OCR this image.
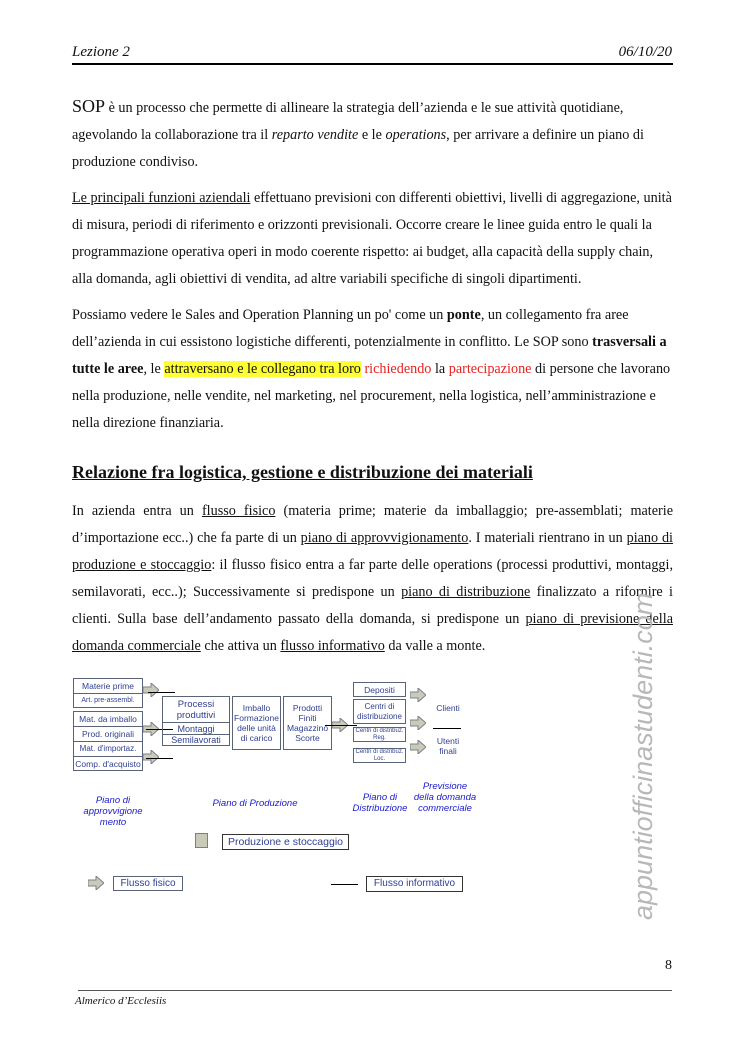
Lezione 2	06/10/20

SOP è un processo che permette di allineare la strategia dell’azienda e le sue attività quotidiane, agevolando la collaborazione tra il reparto vendite e le operations, per arrivare a definire un piano di produzione condiviso.

Le principali funzioni aziendali effettuano previsioni con differenti obiettivi, livelli di aggregazione, unità di misura, periodi di riferimento e orizzonti previsionali. Occorre creare le linee guida entro le quali la programmazione operativa operi in modo coerente rispetto: ai budget, alla capacità della supply chain, alla domanda, agli obiettivi di vendita, ad altre variabili specifiche di singoli dipartimenti.

Possiamo vedere le Sales and Operation Planning un po' come un ponte, un collegamento fra aree dell’azienda in cui essistono logistiche differenti, potenzialmente in conflitto. Le SOP sono trasversali a tutte le aree, le attraversano e le collegano tra loro richiedendo la partecipazione di persone che lavorano nella produzione, nelle vendite, nel marketing, nel procurement, nella logistica, nell’amministrazione e nella direzione finanziaria.

Relazione fra logistica, gestione e distribuzione dei materiali
In azienda entra un flusso fisico (materia prime; materie da imballaggio; pre-assemblati; materie d’importazione ecc..) che fa parte di un piano di approvvigionamento. I materiali rientrano in un piano di produzione e stoccaggio: il flusso fisico entra a far parte delle operations (processi produttivi, montaggi, semilavorati, ecc..); Successivamente si predispone un piano di distribuzione finalizzato a rifornire i clienti. Sulla base dell’andamento passato della domanda, si predispone un piano di previsione della domanda commerciale che attiva un flusso informativo da valle a monte.
Materie prime
Art. pre-assembl.
Mat. da imballo
Prod. originali
Mat. d'importaz.
Comp. d'acquisto
Processi produttivi
Montaggi
Semilavorati
Imballo Formazione delle unità di carico
Prodotti Finiti Magazzino Scorte
Depositi
Centri di distribuzione
Centri di distribuz. Reg.
Centri di distribuz. Loc.
Clienti
Utenti finali
Piano di approvvigione mento
Piano di Produzione
Piano di Distribuzione
Previsione della domanda commerciale
Produzione e stoccaggio
Flusso fisico	Flusso informativo	appuntiofficinastudenti.com
8
Almerico d’Ecclesiis
